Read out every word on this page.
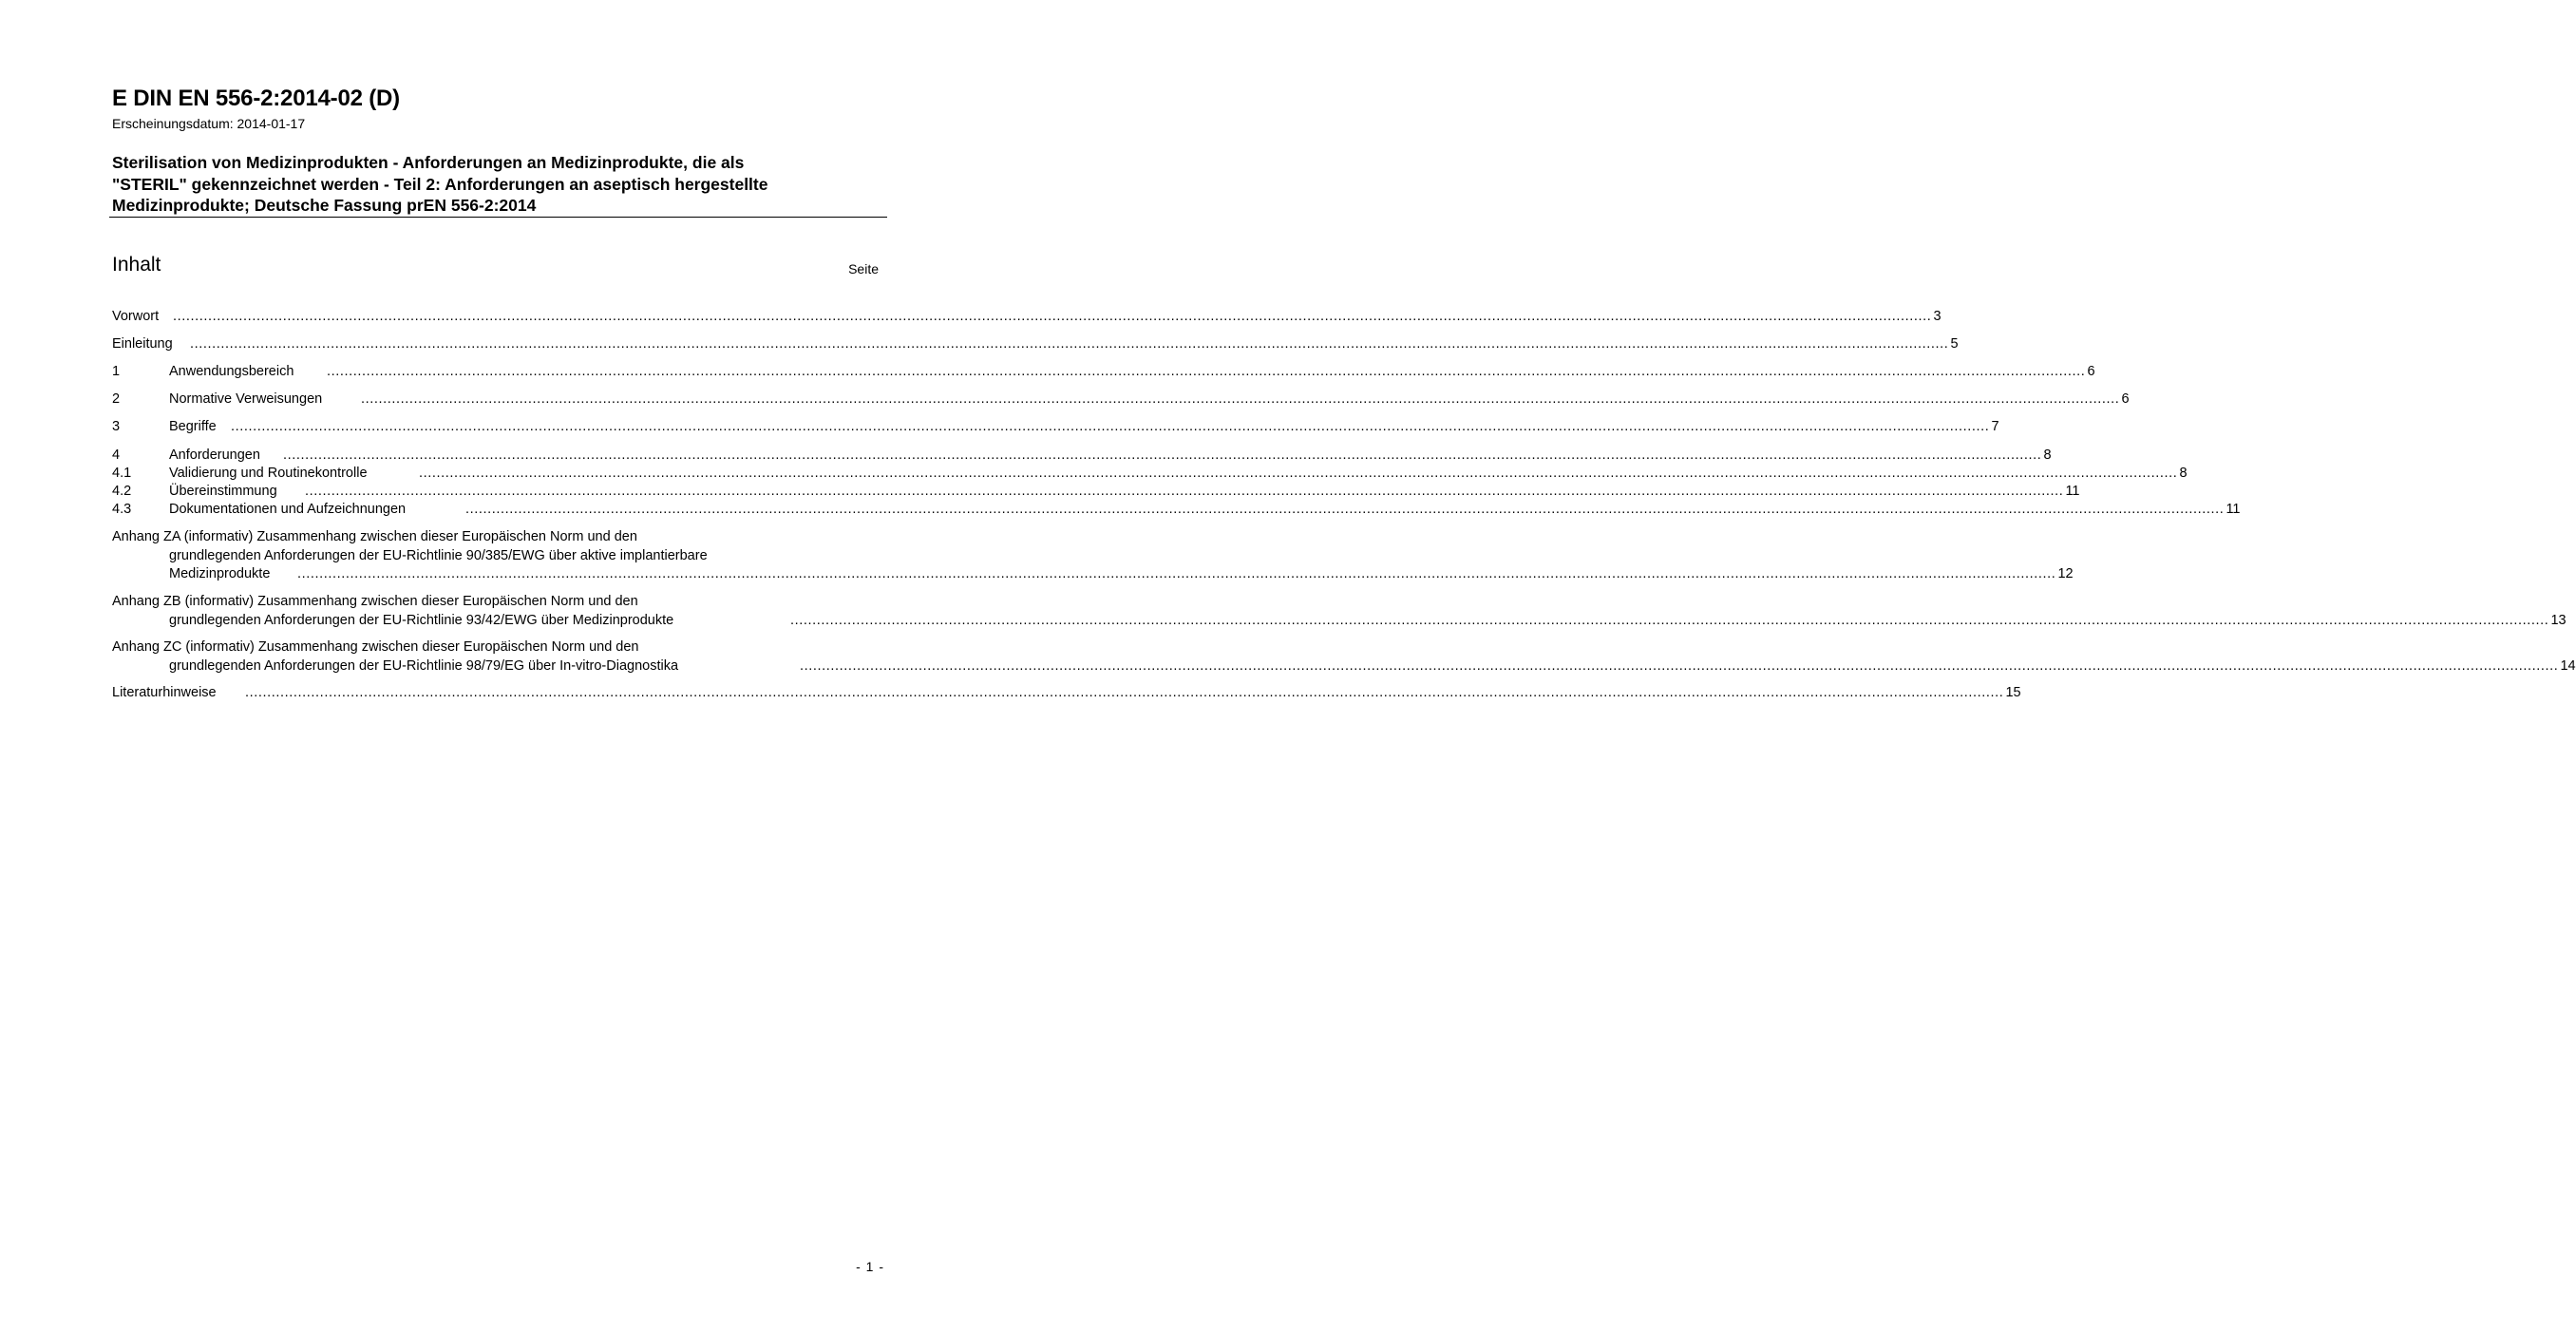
E DIN EN 556-2:2014-02 (D)
Erscheinungsdatum: 2014-01-17
Sterilisation von Medizinprodukten - Anforderungen an Medizinprodukte, die als
"STERIL" gekennzeichnet werden - Teil 2: Anforderungen an aseptisch hergestellte
Medizinprodukte; Deutsche Fassung prEN 556-2:2014
Inhalt	Seite
Vorwort ................................................................................................................................................................................................................................................................................................................................................................................................................ 3
Einleitung ................................................................................................................................................................................................................................................................................................................................................................................................................ 5
1	Anwendungsbereich ................................................................................................................................................................................................................................................................................................................................................................................................................ 6
2	Normative Verweisungen	................................................................................................................................................................................................................................................................................................................................................................................................................ 6
3	Begriffe ................................................................................................................................................................................................................................................................................................................................................................................................................ 7
4	Anforderungen ................................................................................................................................................................................................................................................................................................................................................................................................................ 8
4.1	Validierung und Routinekontrolle	................................................................................................................................................................................................................................................................................................................................................................................................................ 8
4.2	Übereinstimmung ................................................................................................................................................................................................................................................................................................................................................................................................................ 11
4.3	Dokumentationen und Aufzeichnungen	................................................................................................................................................................................................................................................................................................................................................................................................................ 11
Anhang ZA (informativ) Zusammenhang zwischen dieser Europäischen Norm und den
grundlegenden Anforderungen der EU-Richtlinie 90/385/EWG über aktive implantierbare
Medizinprodukte ................................................................................................................................................................................................................................................................................................................................................................................................................ 12
Anhang ZB (informativ) Zusammenhang zwischen dieser Europäischen Norm und den
grundlegenden Anforderungen der EU-Richtlinie 93/42/EWG über Medizinprodukte	................................................................................................................................................................................................................................................................................................................................................................................................................ 13
Anhang ZC (informativ) Zusammenhang zwischen dieser Europäischen Norm und den
grundlegenden Anforderungen der EU-Richtlinie 98/79/EG über In-vitro-Diagnostika	................................................................................................................................................................................................................................................................................................................................................................................................................ 14
Literaturhinweise ................................................................................................................................................................................................................................................................................................................................................................................................................ 15
- 1 -
